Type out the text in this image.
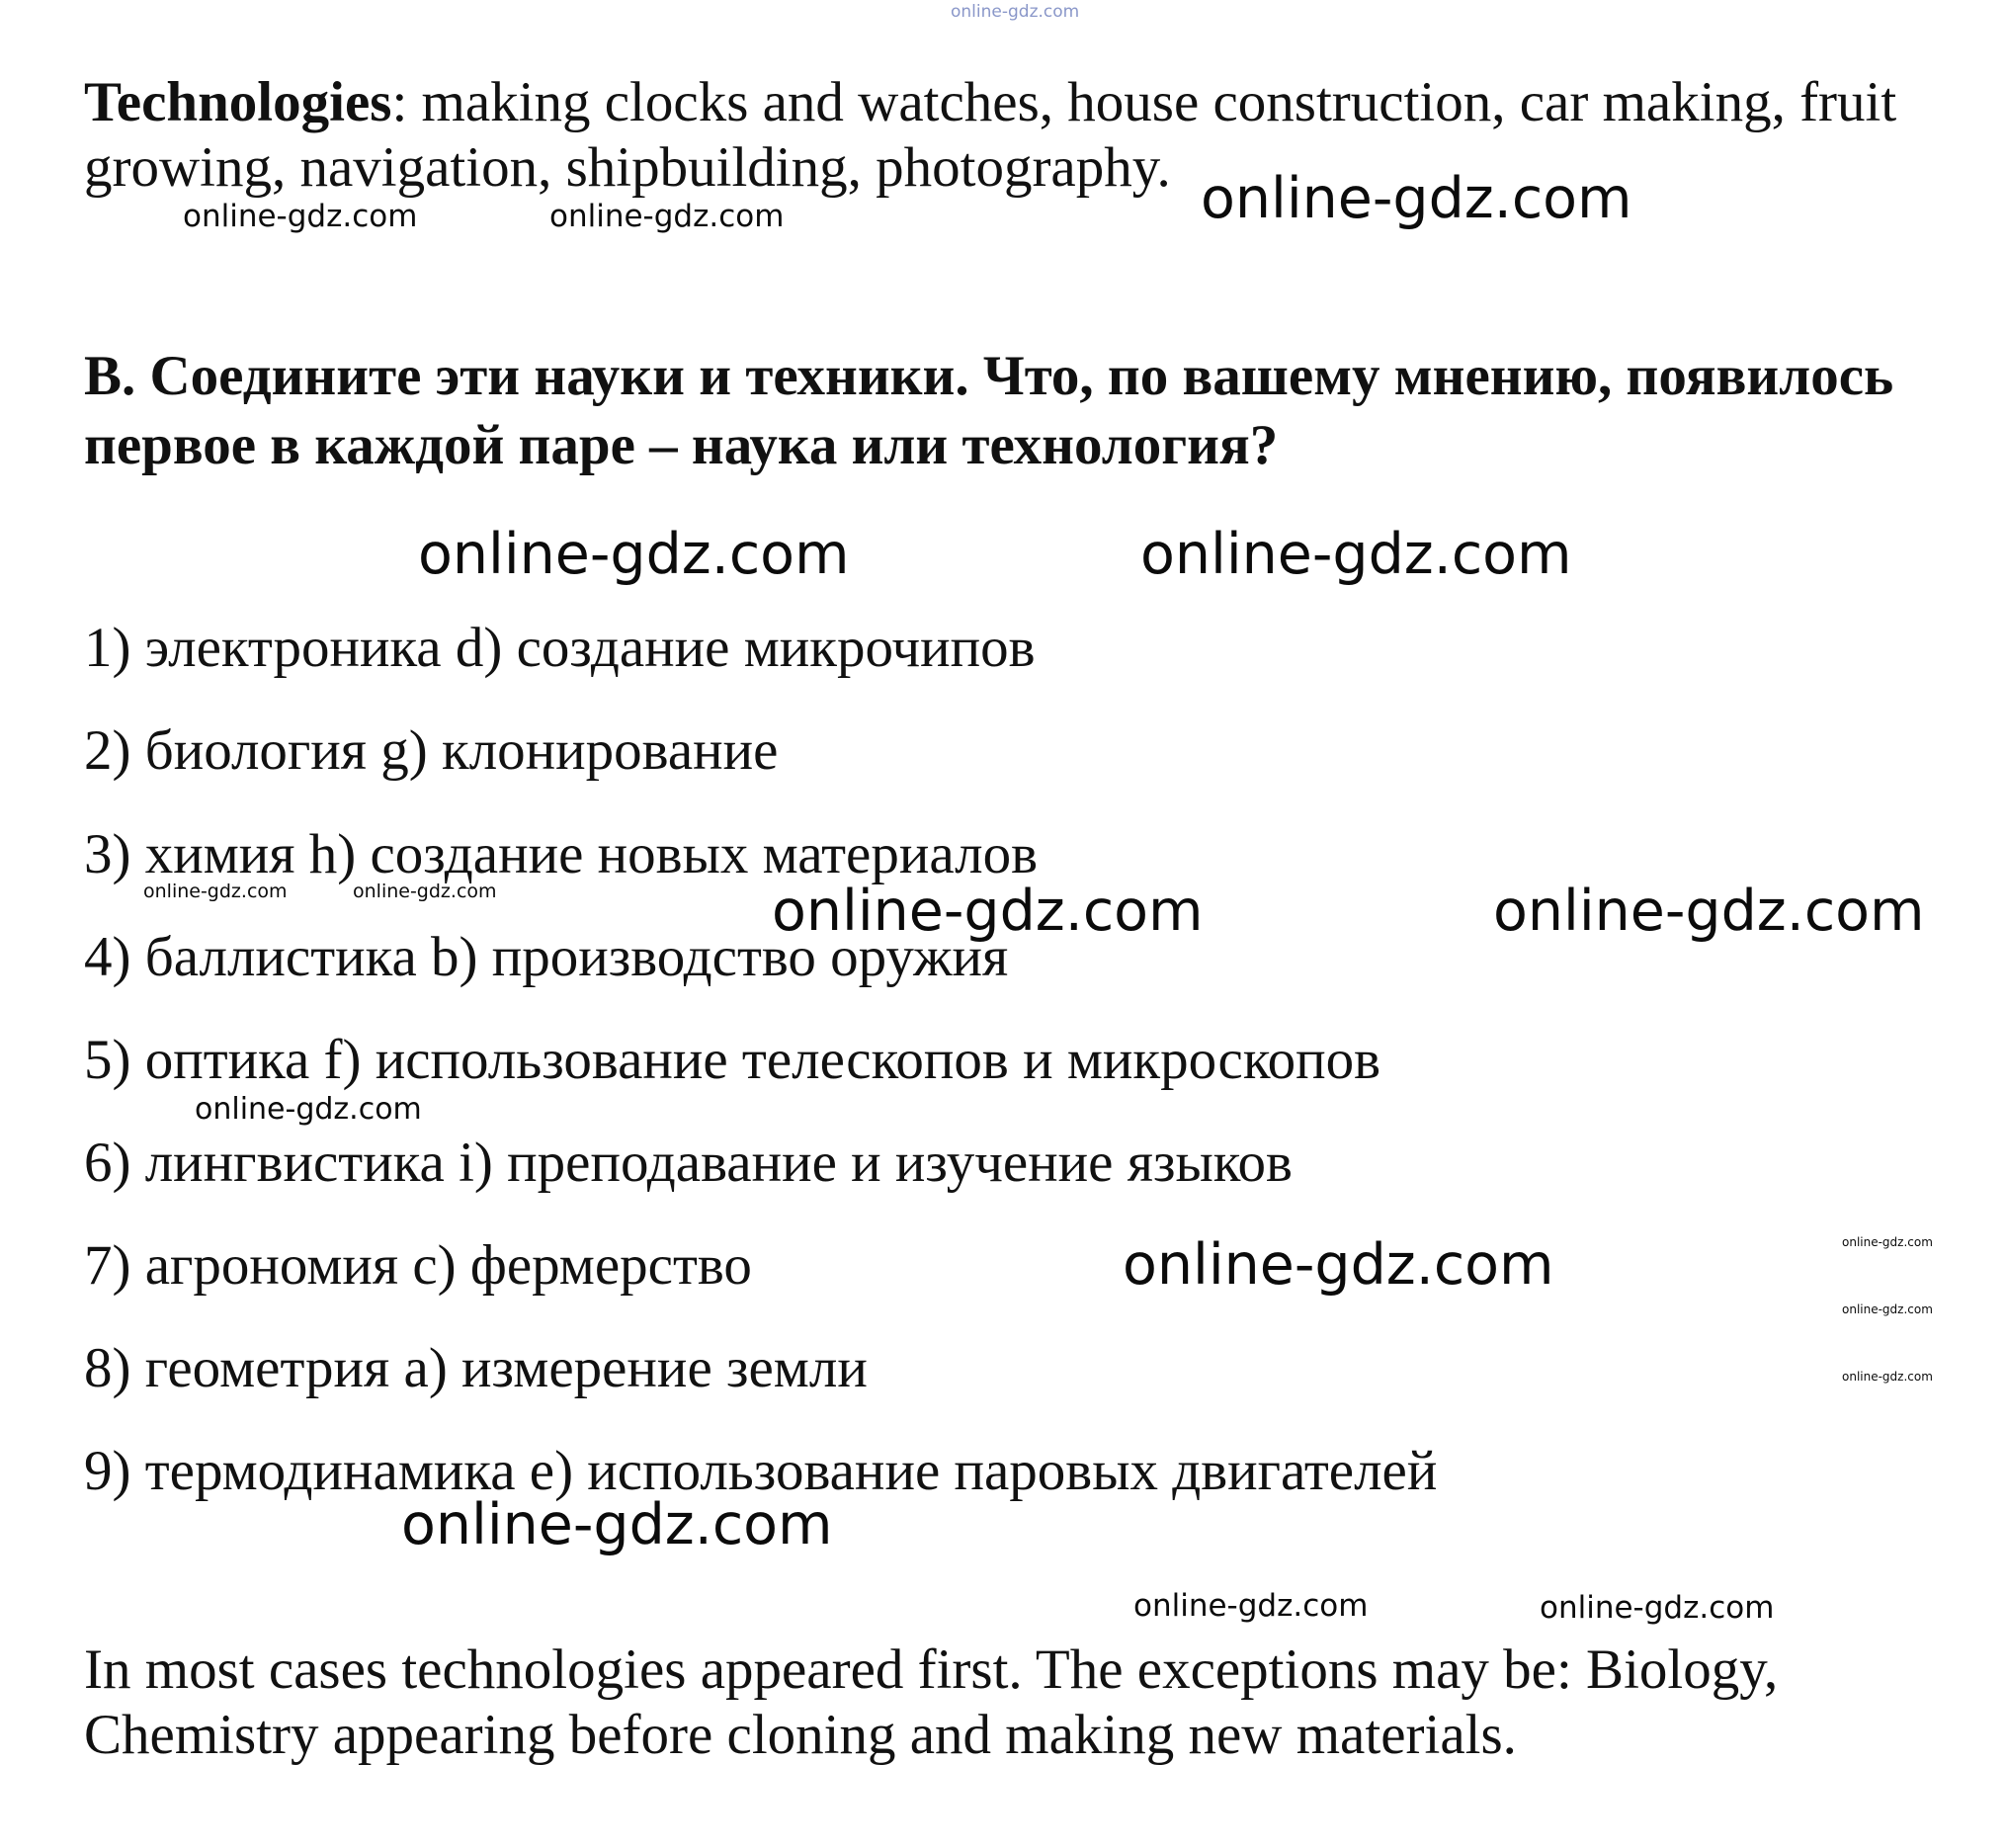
online-gdz.com
Technologies: making clocks and watches, house construction, car making, fruit
growing, navigation, shipbuilding, photography. online-gdz.com
online-gdz.com	online-gdz.com
B. Соедините эти науки и техники. Что, по вашему мнению, появилось
первое в каждой паре – наука или технология?
online-gdz.com	online-gdz.com
1) электроника d) создание микрочипов
2) биология g) клонирование
3) химия h) создание новых материалов
online-gdz.com	online-gdz.com	online-gdz.com	online-gdz.com
4) баллистика b) производство оружия
5) оптика f) использование телескопов и микроскопов
online-gdz.com
6) лингвистика i) преподавание и изучение языков
7) агрономия c) фермерство	online-gdz.com	online-gdz.com
online-gdz.com
online-gdz.com
8) геометрия a) измерение земли
9) термодинамика e) использование паровых двигателей
online-gdz.com
online-gdz.com	online-gdz.com
In most cases technologies appeared first. The exceptions may be: Biology,
Chemistry appearing before cloning and making new materials.
